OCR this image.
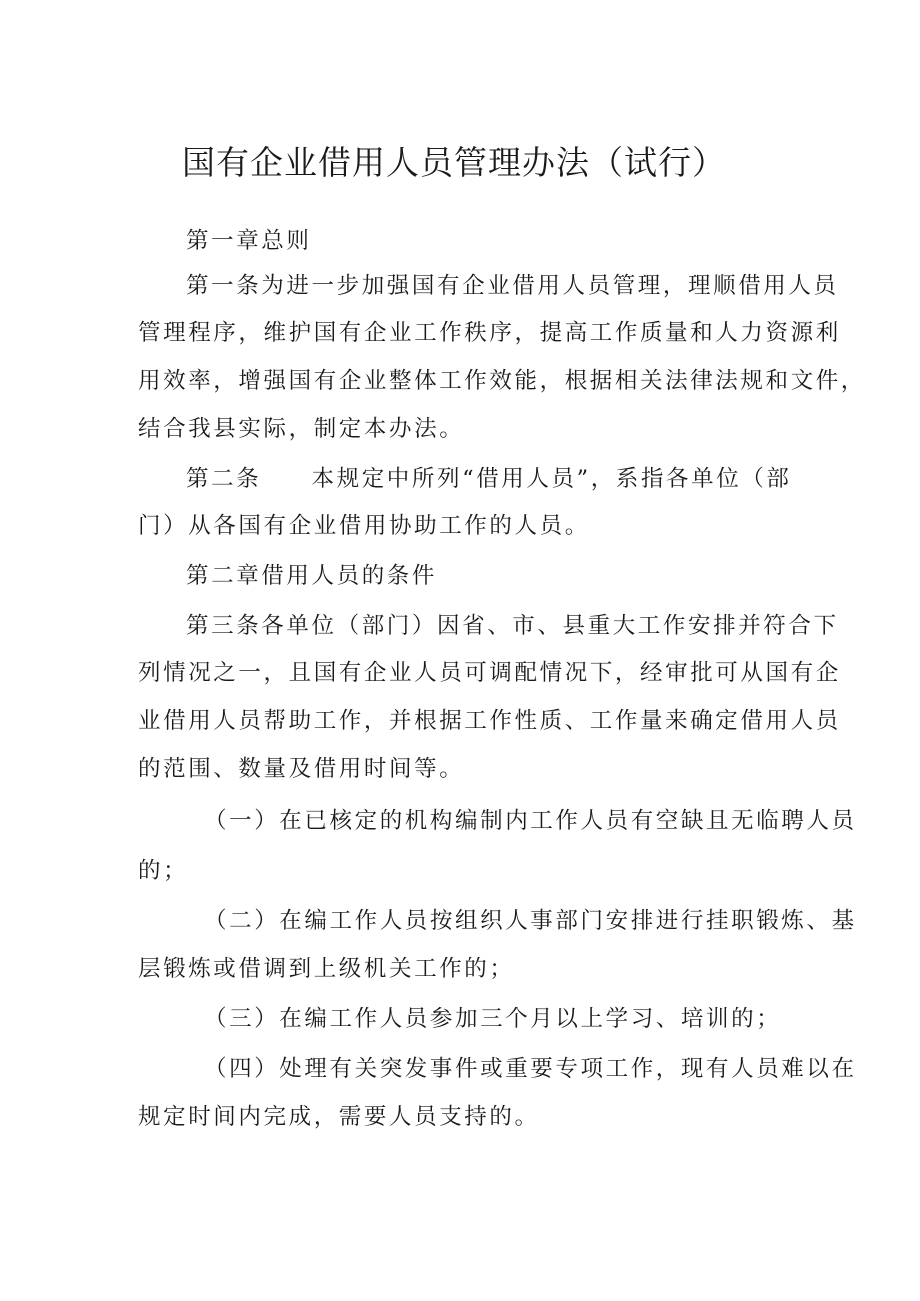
国有企业借用人员管理办法（试行）
第一章总则
第一条为进一步加强国有企业借用人员管理，理顺借用人员
管理程序，维护国有企业工作秩序，提高工作质量和人力资源利
用效率，增强国有企业整体工作效能，根据相关法律法规和文件，
结合我县实际，制定本办法。
第二条　　本规定中所列“借用人员”，系指各单位（部
门）从各国有企业借用协助工作的人员。
第二章借用人员的条件
第三条各单位（部门）因省、市、县重大工作安排并符合下
列情况之一，且国有企业人员可调配情况下，经审批可从国有企
业借用人员帮助工作，并根据工作性质、工作量来确定借用人员
的范围、数量及借用时间等。
（一）在已核定的机构编制内工作人员有空缺且无临聘人员
的；
（二）在编工作人员按组织人事部门安排进行挂职锻炼、基
层锻炼或借调到上级机关工作的；
（三）在编工作人员参加三个月以上学习、培训的；
（四）处理有关突发事件或重要专项工作，现有人员难以在
规定时间内完成，需要人员支持的。
